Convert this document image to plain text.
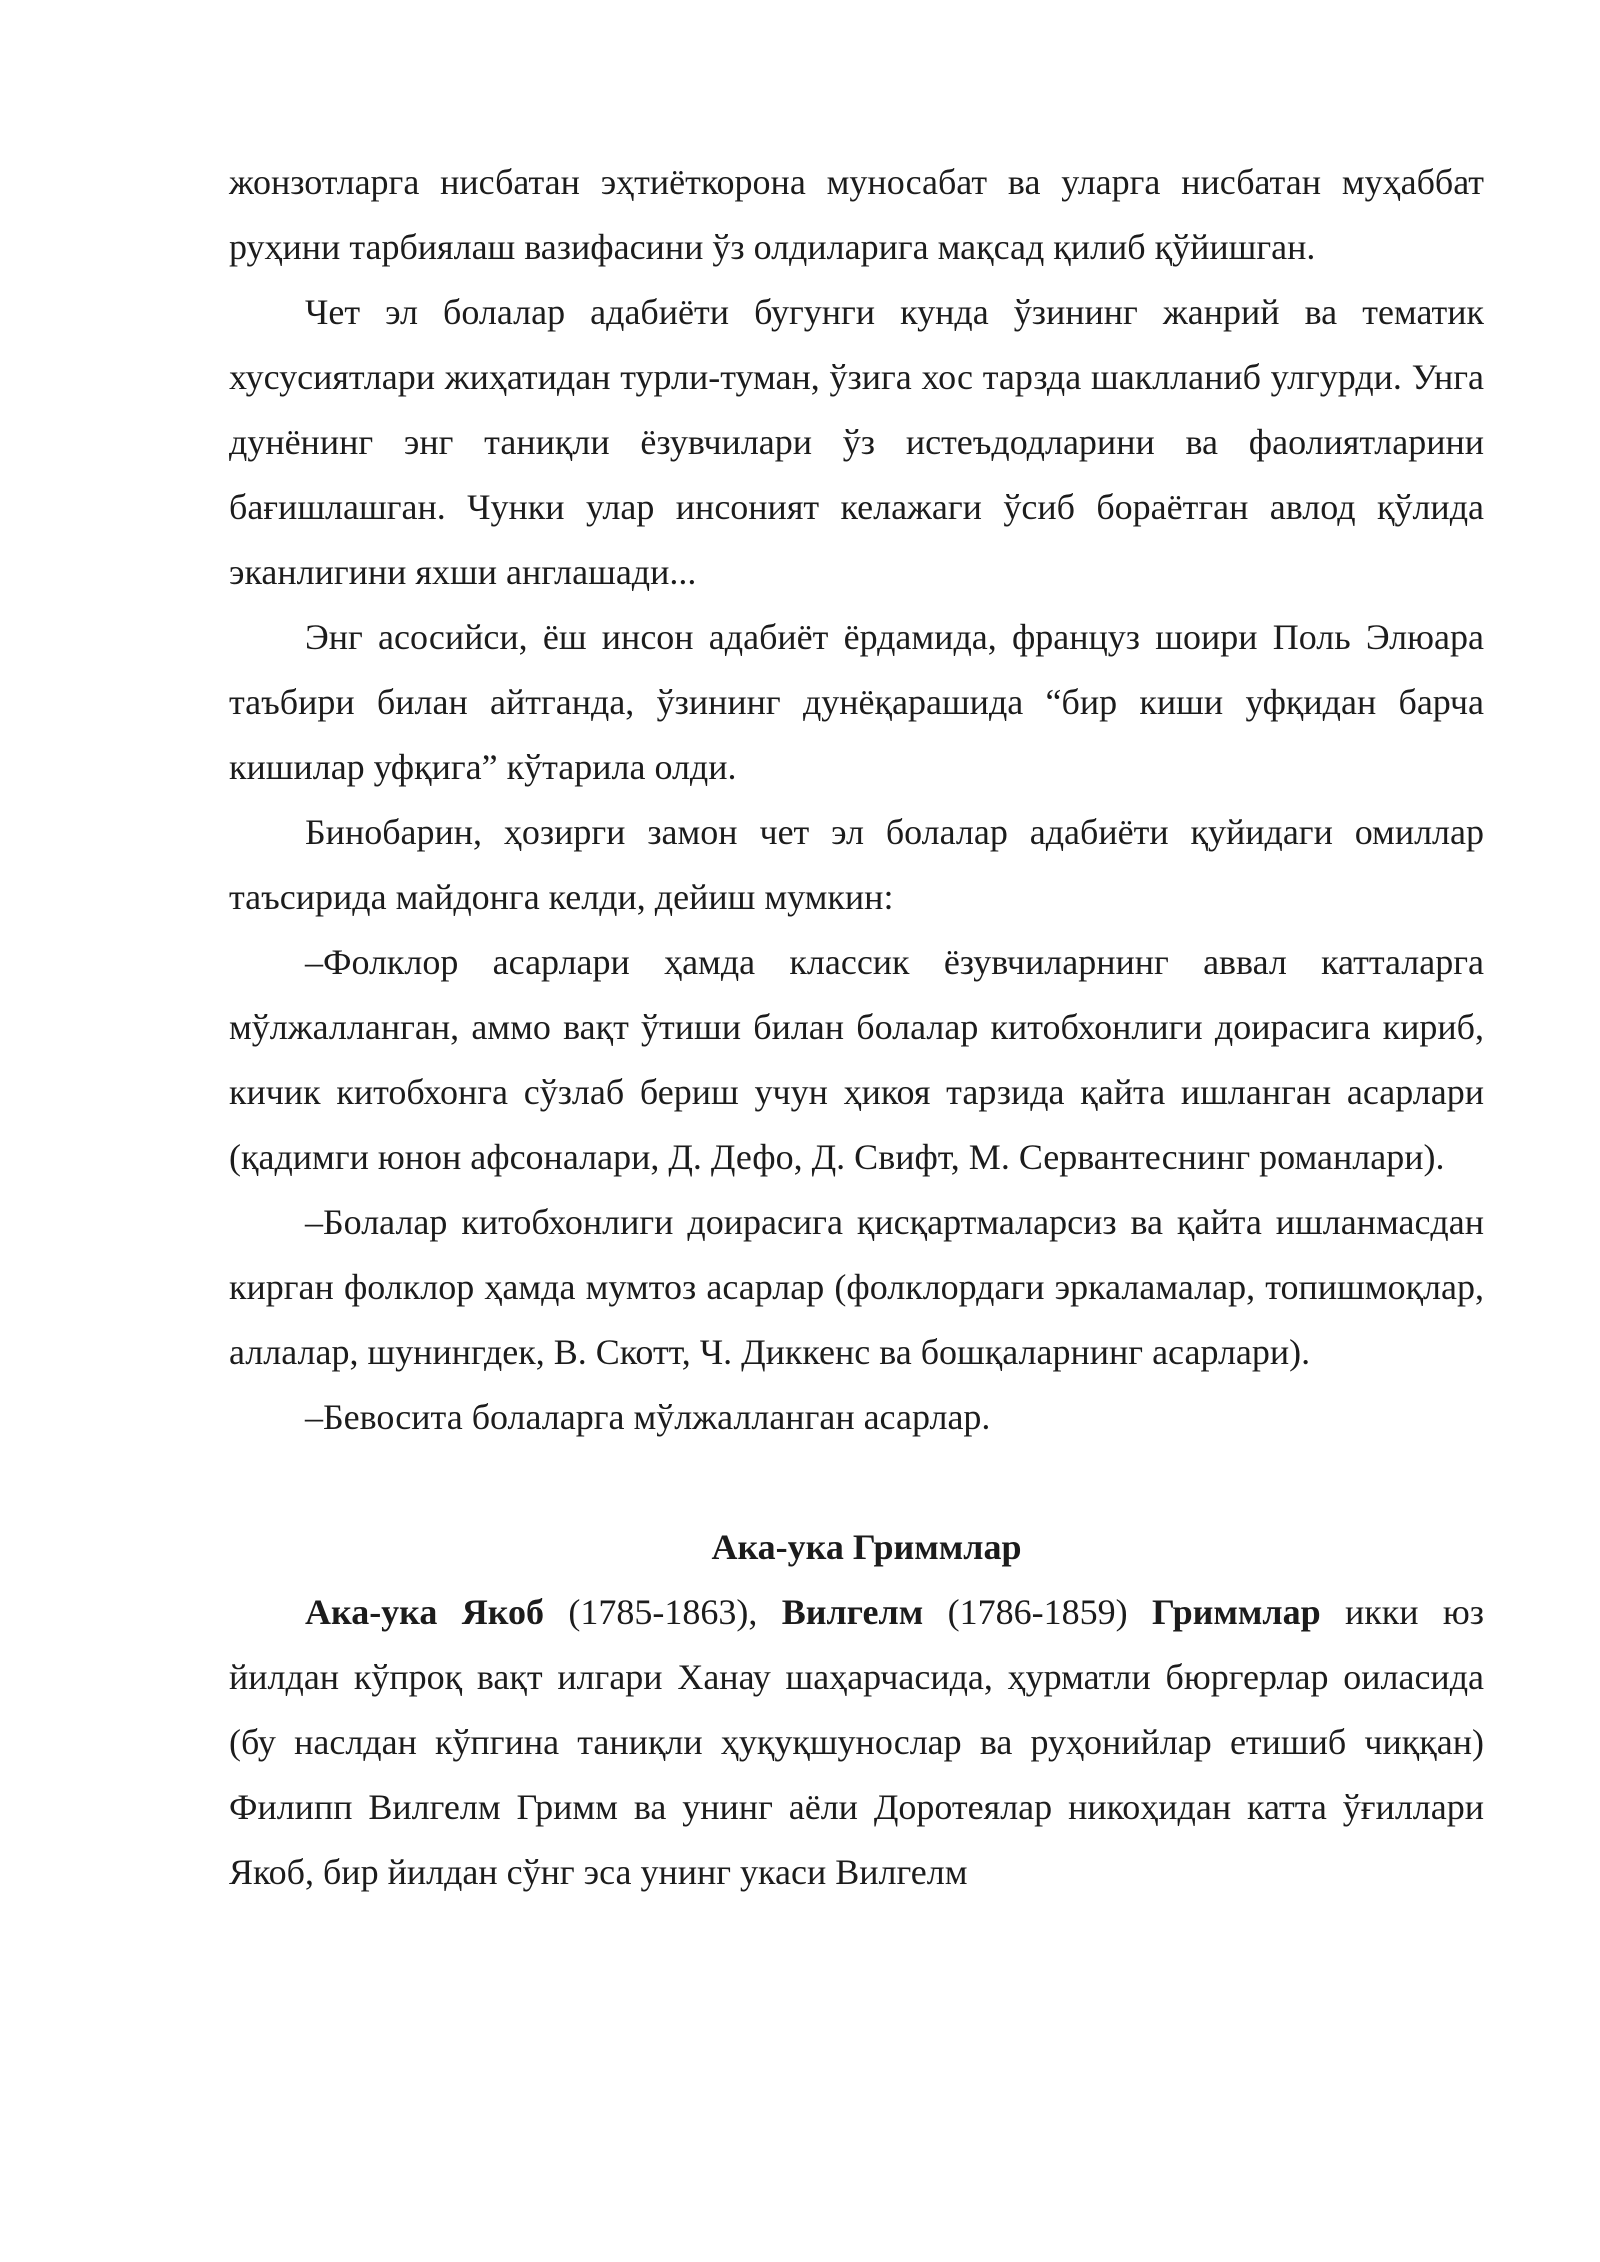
жонзотларга нисбатан эҳтиёткорона муносабат ва уларга нисбатан муҳаббат руҳини тарбиялаш вазифасини ўз олдиларига мақсад қилиб қўйишган.

Чет эл болалар адабиёти бугунги кунда ўзининг жанрий ва тематик хусусиятлари жиҳатидан турли-туман, ўзига хос тарзда шаклланиб улгурди. Унга дунёнинг энг таниқли ёзувчилари ўз истеъдодларини ва фаолиятларини бағишлашган. Чунки улар инсоният келажаги ўсиб бораётган авлод қўлида эканлигини яхши англашади...

Энг асосийси, ёш инсон адабиёт ёрдамида, француз шоири Поль Элюара таъбири билан айтганда, ўзининг дунёқарашида “бир киши уфқидан барча кишилар уфқига” кўтарила олди.

Бинобарин, ҳозирги замон чет эл болалар адабиёти қуйидаги омиллар таъсирида майдонга келди, дейиш мумкин:

–Фолклор асарлари ҳамда классик ёзувчиларнинг аввал катталарга мўлжалланган, аммо вақт ўтиши билан болалар китобхонлиги доирасига кириб, кичик китобхонга сўзлаб бериш учун ҳикоя тарзида қайта ишланган асарлари (қадимги юнон афсоналари, Д. Дефо, Д. Свифт, М. Сервантеснинг романлари).

–Болалар китобхонлиги доирасига қисқартмаларсиз ва қайта ишланмасдан кирган фолклор ҳамда мумтоз асарлар (фолклордаги эркаламалар, топишмоқлар, аллалар, шунингдек, В. Скотт, Ч. Диккенс ва бошқаларнинг асарлари).

–Бевосита болаларга мўлжалланган асарлар.

Ака-ука Гриммлар

Ака-ука Якоб (1785-1863), Вилгелм (1786-1859) Гриммлар икки юз йилдан кўпроқ вақт илгари Ханау шаҳарчасида, ҳурматли бюргерлар оиласида (бу наслдан кўпгина таниқли ҳуқуқшунослар ва руҳонийлар етишиб чиққан) Филипп Вилгелм Гримм ва унинг аёли Доротеялар никоҳидан катта ўғиллари Якоб, бир йилдан сўнг эса унинг укаси Вилгелм
